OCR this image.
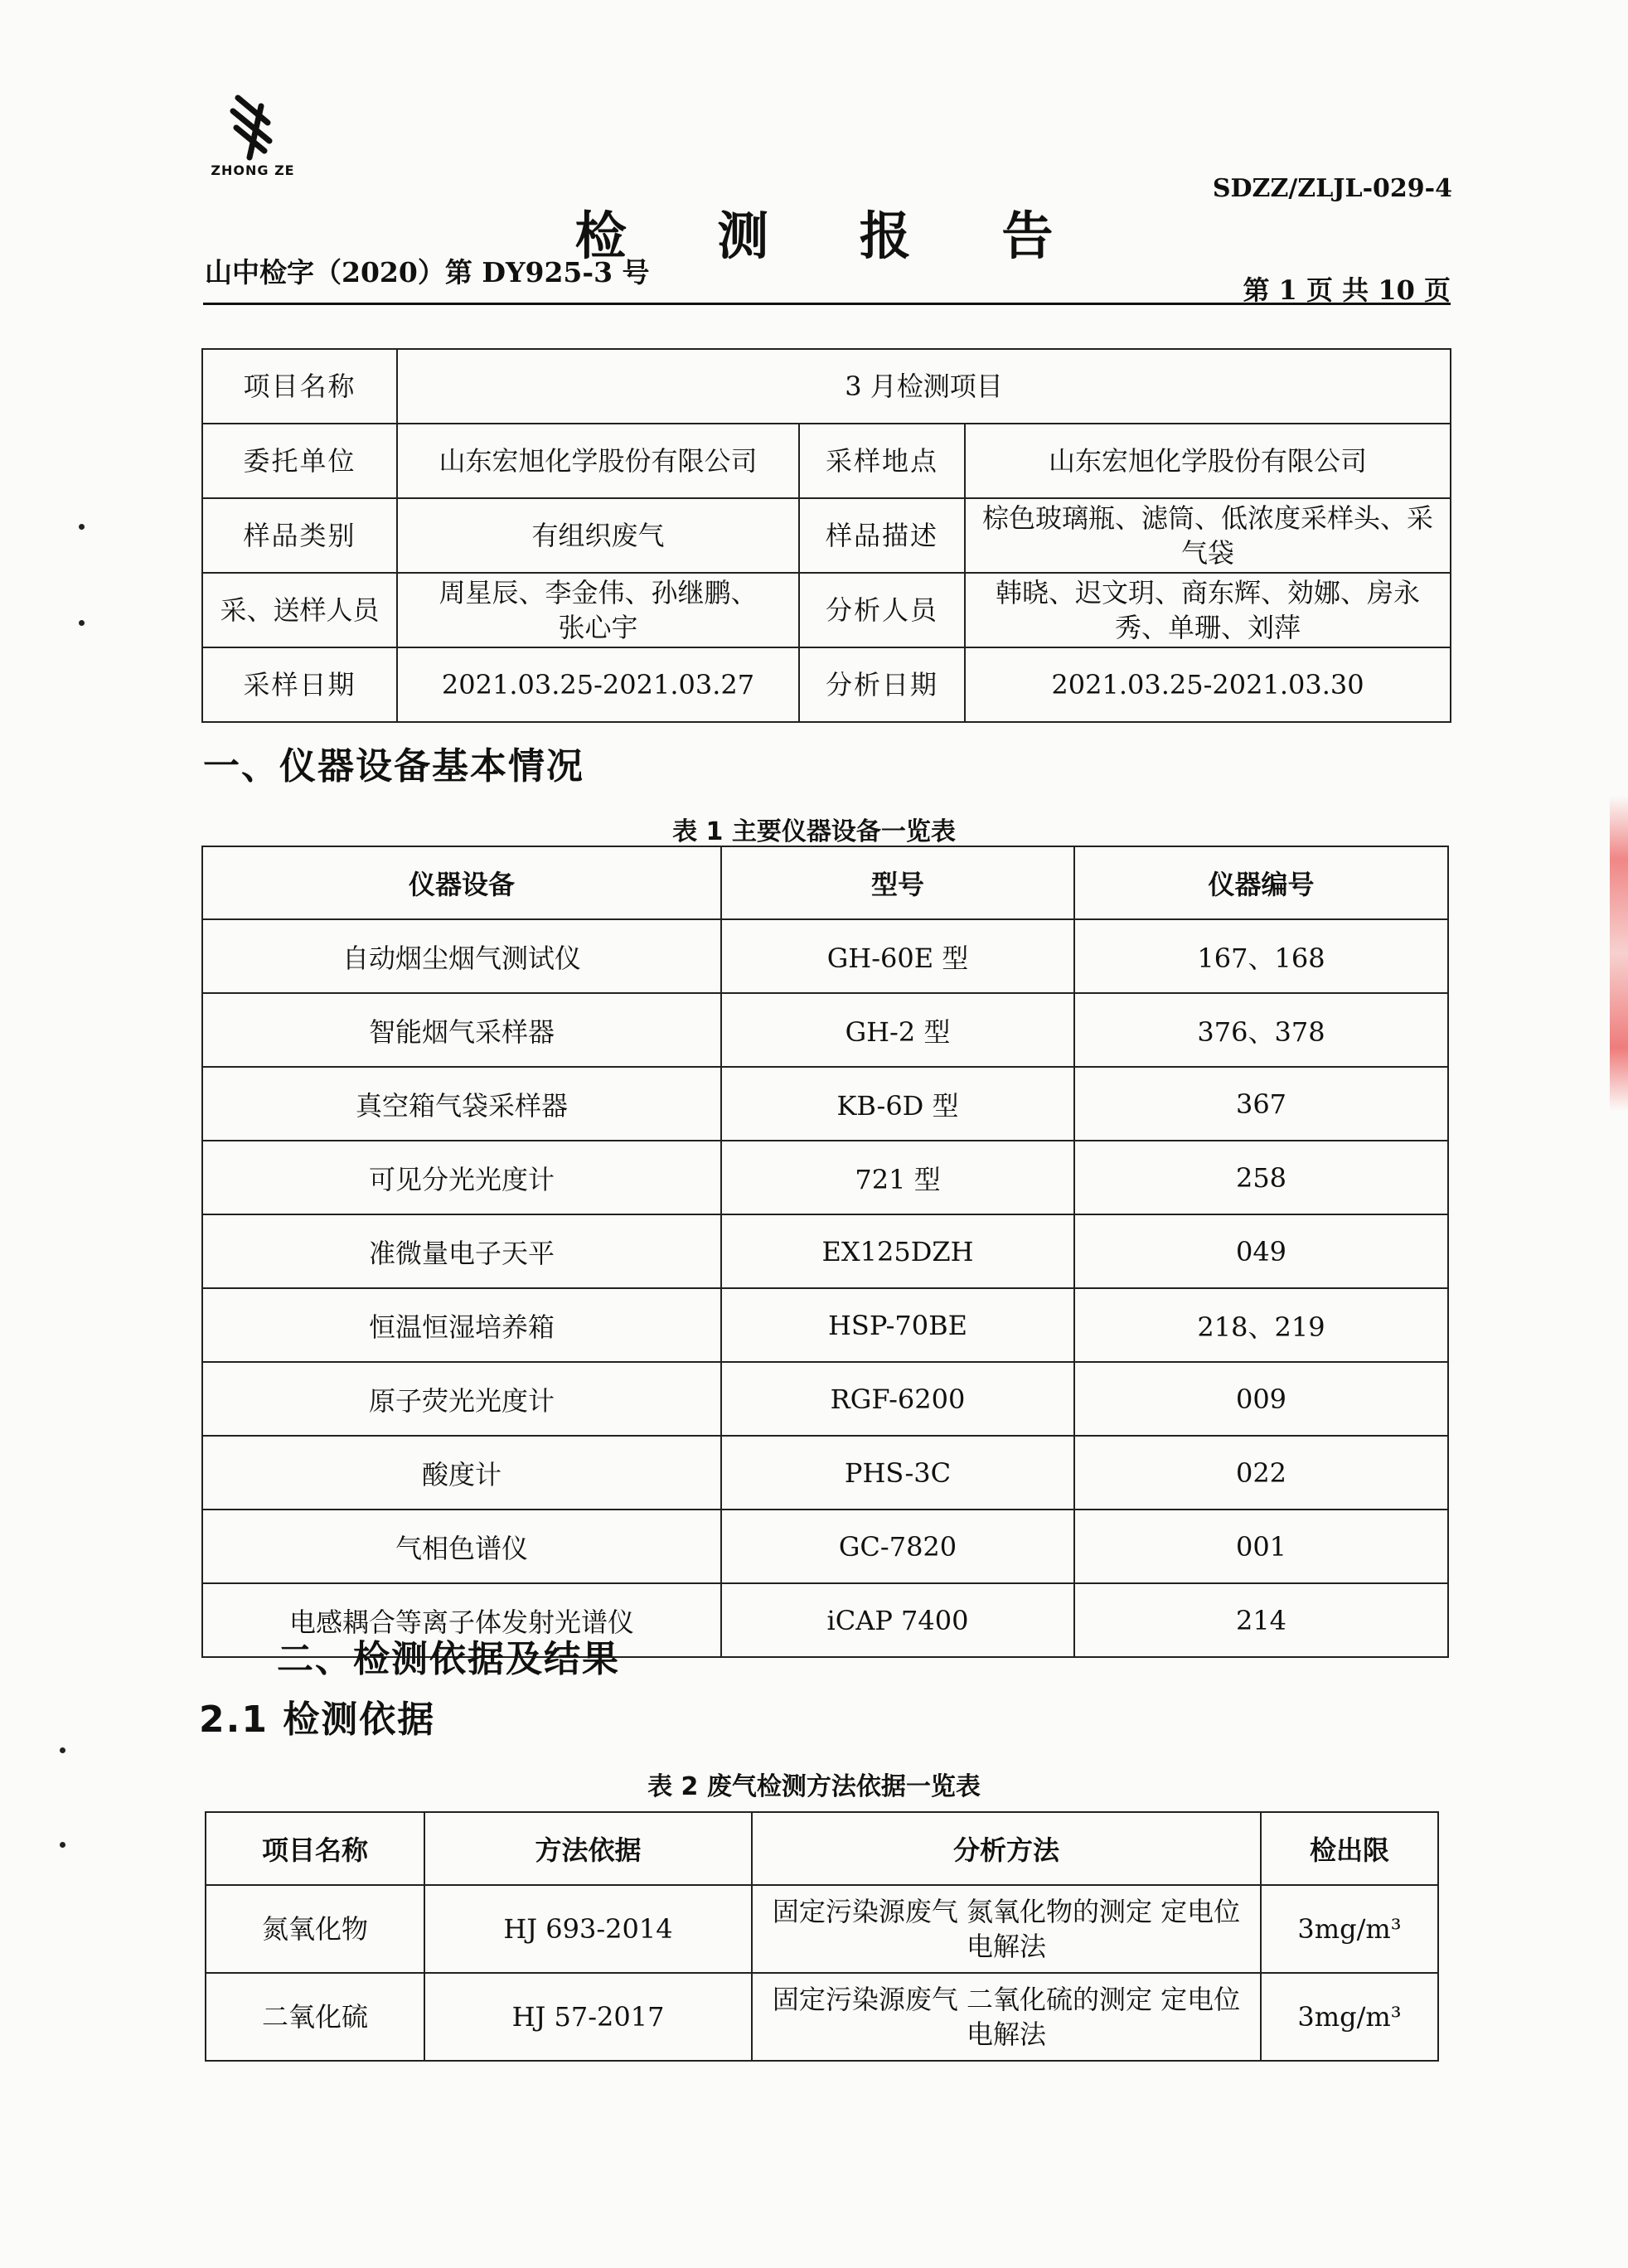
ZHONG ZE
SDZZ/ZLJL-029-4
检 测 报 告
山中检字（2020）第 DY925-3 号
第 1 页 共 10 页
项目名称	3 月检测项目		
委托单位	山东宏旭化学股份有限公司	采样地点	山东宏旭化学股份有限公司
样品类别	有组织废气	样品描述	棕色玻璃瓶、滤筒、低浓度采样头、采气袋
采、送样人员	周星辰、李金伟、孙继鹏、张心宇	分析人员	韩晓、迟文玥、商东辉、効娜、房永秀、单珊、刘萍
采样日期	2021.03.25-2021.03.27	分析日期	2021.03.25-2021.03.30
一、仪器设备基本情况
表 1 主要仪器设备一览表
仪器设备	型号	仪器编号
自动烟尘烟气测试仪	GH-60E 型	167、168
智能烟气采样器	GH-2 型	376、378
真空箱气袋采样器	KB-6D 型	367
可见分光光度计	721 型	258
准微量电子天平	EX125DZH	049
恒温恒湿培养箱	HSP-70BE	218、219
原子荧光光度计	RGF-6200	009
酸度计	PHS-3C	022
气相色谱仪	GC-7820	001
电感耦合等离子体发射光谱仪	iCAP 7400	214
二、检测依据及结果
2.1 检测依据
表 2 废气检测方法依据一览表
项目名称	方法依据	分析方法	检出限
氮氧化物	HJ 693-2014	固定污染源废气 氮氧化物的测定 定电位电解法	3mg/m³
二氧化硫	HJ 57-2017	固定污染源废气 二氧化硫的测定 定电位电解法	3mg/m³
